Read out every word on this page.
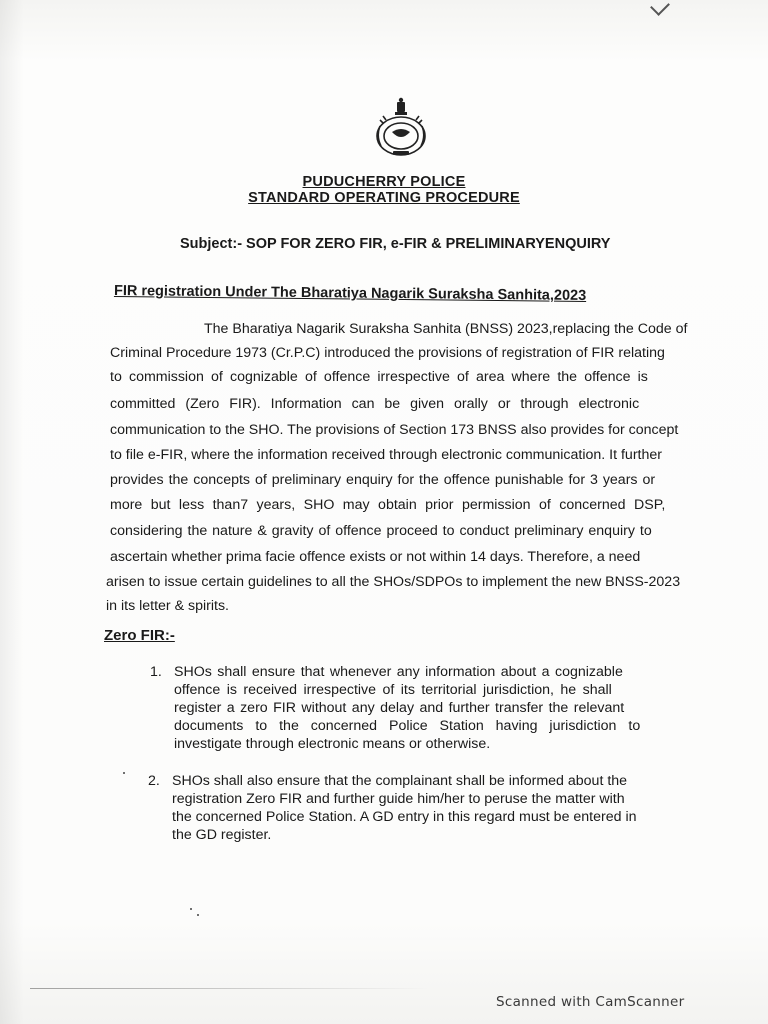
PUDUCHERRY POLICE
STANDARD OPERATING PROCEDURE
Subject:- SOP FOR ZERO FIR, e-FIR & PRELIMINARYENQUIRY
FIR registration Under The Bharatiya Nagarik Suraksha Sanhita,2023
The Bharatiya Nagarik Suraksha Sanhita (BNSS) 2023,replacing the Code of
Criminal Procedure 1973 (Cr.P.C) introduced the provisions of registration of FIR relating
to commission of cognizable of offence irrespective of area where the offence is
committed (Zero FIR). Information can be given orally or through electronic
communication to the SHO. The provisions of Section 173 BNSS also provides for concept
to file e-FIR, where the information received through electronic communication. It further
provides the concepts of preliminary enquiry for the offence punishable for 3 years or
more but less than7 years, SHO may obtain prior permission of concerned DSP,
considering the nature & gravity of offence proceed to conduct preliminary enquiry to
ascertain whether prima facie offence exists or not within 14 days. Therefore, a need
arisen to issue certain guidelines to all the SHOs/SDPOs to implement the new BNSS-2023
in its letter & spirits.
Zero FIR:-
1. SHOs shall ensure that whenever any information about a cognizable
offence is received irrespective of its territorial jurisdiction, he shall
register a zero FIR without any delay and further transfer the relevant
documents to the concerned Police Station having jurisdiction to
investigate through electronic means or otherwise.
2. SHOs shall also ensure that the complainant shall be informed about the
registration Zero FIR and further guide him/her to peruse the matter with
the concerned Police Station. A GD entry in this regard must be entered in
the GD register.
Scanned with CamScanner
